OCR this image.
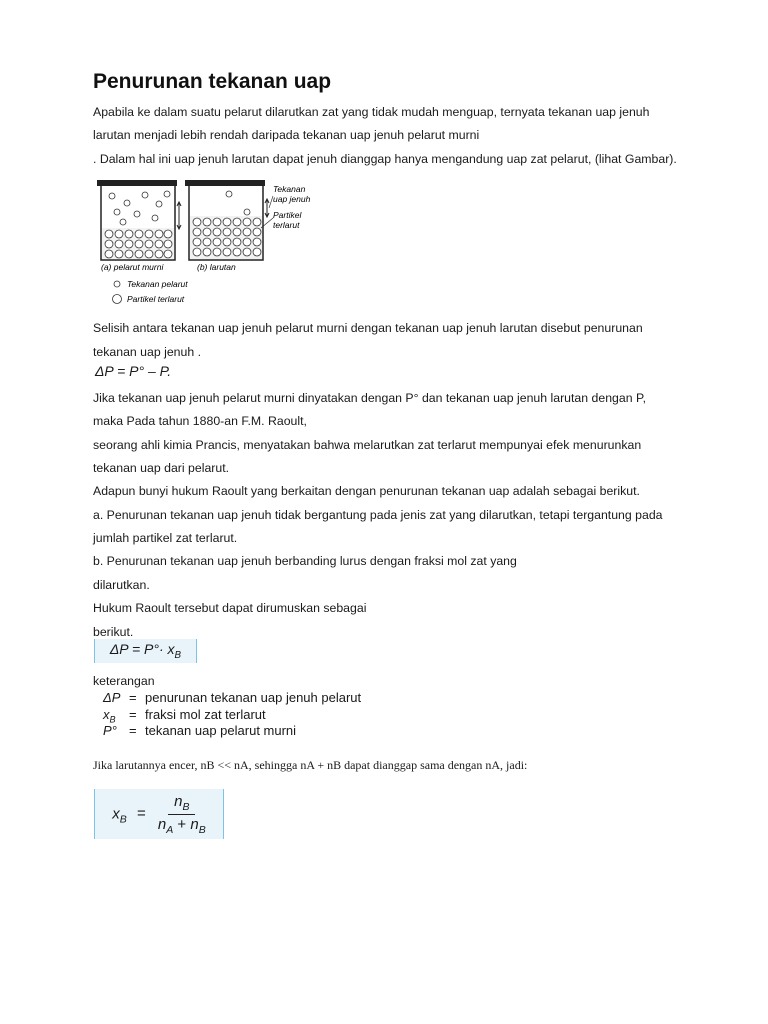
Penurunan tekanan uap
Apabila ke dalam suatu pelarut dilarutkan zat yang tidak mudah menguap, ternyata tekanan uap jenuh
larutan menjadi lebih rendah daripada tekanan uap jenuh pelarut murni
. Dalam hal ini uap jenuh larutan dapat jenuh dianggap hanya mengandung uap zat pelarut, (lihat Gambar).
Tekanan
uap jenuh
Partikel
terlarut
(a) pelarut murni	(b) larutan
Tekanan pelarut
Partikel terlarut
Selisih antara tekanan uap jenuh pelarut murni dengan tekanan uap jenuh larutan disebut penurunan
tekanan uap jenuh .
ΔP = P° – P.
Jika tekanan uap jenuh pelarut murni dinyatakan dengan P° dan tekanan uap jenuh larutan dengan P,
maka Pada tahun 1880-an F.M. Raoult,
seorang ahli kimia Prancis, menyatakan bahwa melarutkan zat terlarut mempunyai efek menurunkan
tekanan uap dari pelarut.
Adapun bunyi hukum Raoult yang berkaitan dengan penurunan tekanan uap adalah sebagai berikut.
a. Penurunan tekanan uap jenuh tidak bergantung pada jenis zat yang dilarutkan, tetapi tergantung pada
jumlah partikel zat terlarut.
b. Penurunan tekanan uap jenuh berbanding lurus dengan fraksi mol zat yang
dilarutkan.
Hukum Raoult tersebut dapat dirumuskan sebagai
berikut.
$\Delta P = P^\circ\cdot x_B$
keterangan
ΔP = penurunan tekanan uap jenuh pelarut
$x_B$ = fraksi mol zat terlarut
P° = tekanan uap pelarut murni
Jika larutannya encer, nB << nA, sehingga nA + nB dapat dianggap sama dengan nA, jadi:
$x_B = \frac{n_B}{n_A + n_B}$
